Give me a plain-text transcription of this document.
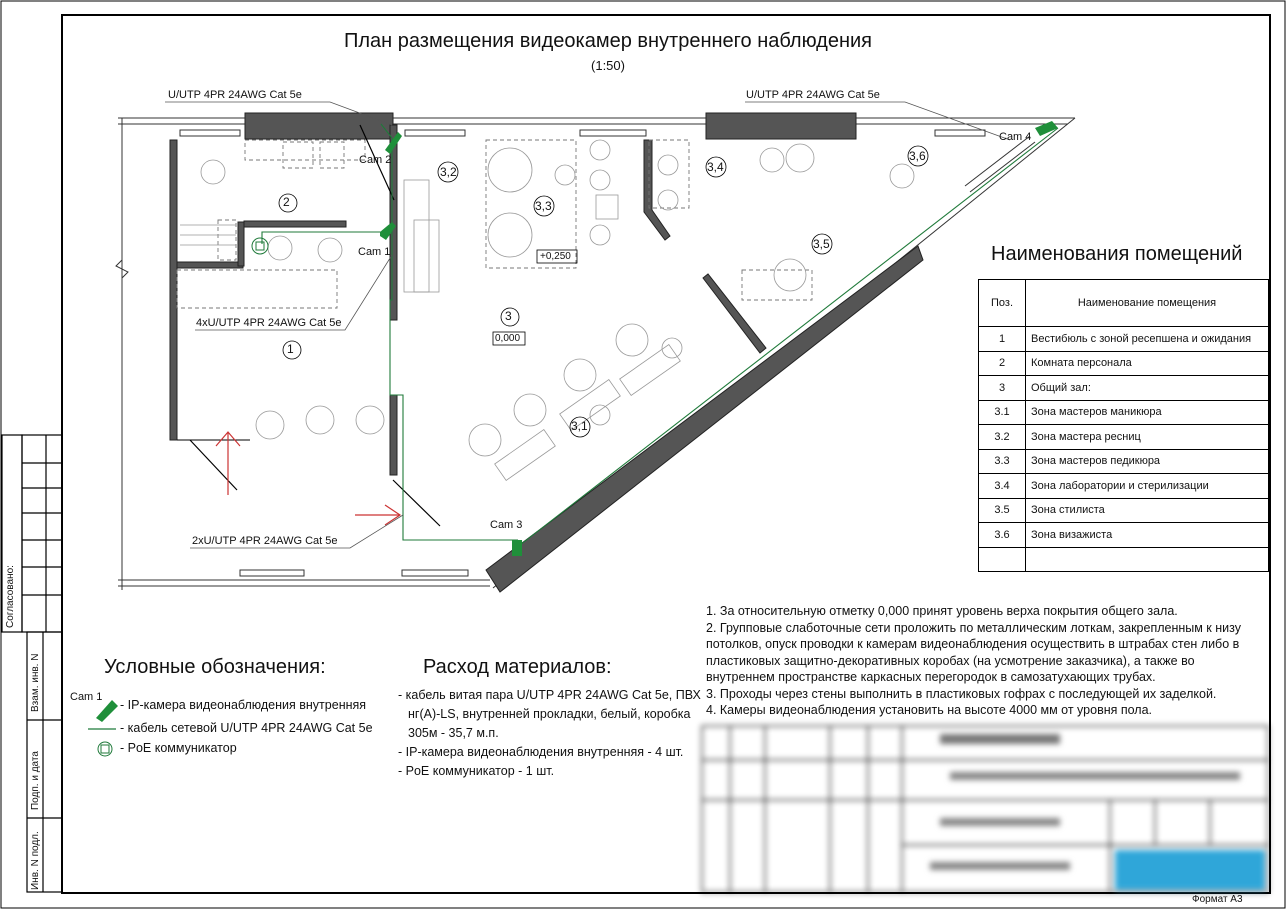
План размещения видеокамер внутреннего наблюдения
(1:50)
U/UTP 4PR 24AWG Cat 5e	U/UTP 4PR 24AWG Cat 5e
4xU/UTP 4PR 24AWG Cat 5e
2xU/UTP 4PR 24AWG Cat 5e
Cam 1
Cam 2
Cam 3
Cam 4
2
1
3
3,1
3,2
3,3
3,4
3,5
3,6
0,000
+0,250	Наименования помещений
Поз.	Наименование помещения
1	Вестибюль с зоной ресепшена и ожидания
2	Комната персонала
3	Общий зал:
3.1	Зона мастеров маникюра
3.2	Зона мастера ресниц
3.3	Зона мастеров педикюра
3.4	Зона лаборатории и стерилизации
3.5	Зона стилиста
3.6	Зона визажиста

1. За относительную отметку 0,000 принят уровень верха покрытия общего зала.
2. Групповые слаботочные сети проложить по металлическим лоткам, закрепленным к низу потолков, опуск проводки к камерам видеонаблюдения осуществить в штрабах стен либо в пластиковых защитно-декоративных коробах (на усмотрение заказчика), а также во внутреннем пространстве каркасных перегородок в самозатухающих трубах.
3. Проходы через стены выполнить в пластиковых гофрах с последующей их заделкой.
4. Камеры видеонаблюдения установить на высоте 4000 мм от уровня пола.
Условные обозначения:
Cam 1
- IP-камера видеонаблюдения внутренняя
- кабель сетевой U/UTP 4PR 24AWG Cat 5e
- PoE коммуникатор
Расход материалов:
- кабель витая пара U/UTP 4PR 24AWG Cat 5e, ПВХ нг(А)-LS, внутренней прокладки, белый, коробка 305м - 35,7 м.п.
- IP-камера видеонаблюдения внутренняя - 4 шт.
- PoE коммуникатор - 1 шт.
Согласовано:
Взам. инв. N
Подп. и дата
Инв. N подл.
Формат А3
